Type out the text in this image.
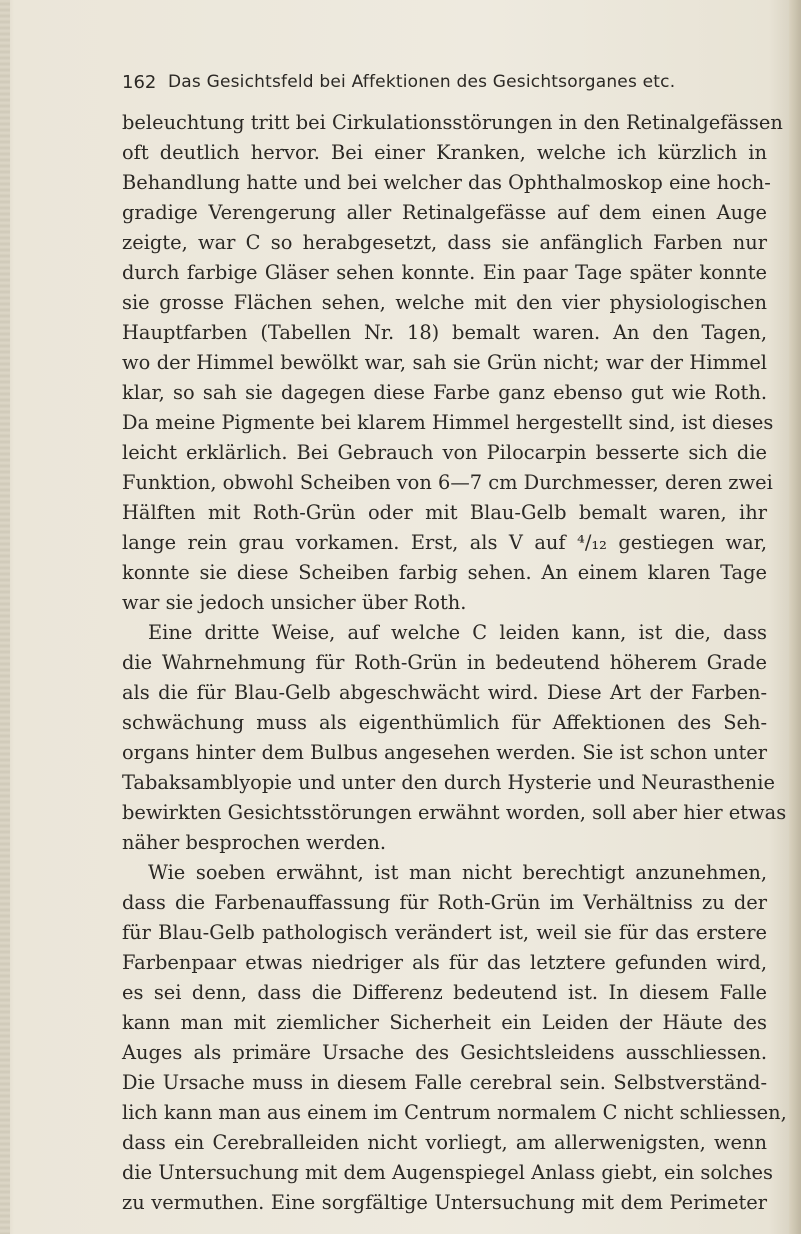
162 Das Gesichtsfeld bei Affektionen des Gesichtsorganes etc.
beleuchtung tritt bei Cirkulationsstörungen in den Retinalgefässen
oft deutlich hervor. Bei einer Kranken, welche ich kürzlich in
Behandlung hatte und bei welcher das Ophthalmoskop eine hoch-
gradige Verengerung aller Retinalgefässe auf dem einen Auge
zeigte, war C so herabgesetzt, dass sie anfänglich Farben nur
durch farbige Gläser sehen konnte. Ein paar Tage später konnte
sie grosse Flächen sehen, welche mit den vier physiologischen
Hauptfarben (Tabellen Nr. 18) bemalt waren. An den Tagen,
wo der Himmel bewölkt war, sah sie Grün nicht; war der Himmel
klar, so sah sie dagegen diese Farbe ganz ebenso gut wie Roth.
Da meine Pigmente bei klarem Himmel hergestellt sind, ist dieses
leicht erklärlich. Bei Gebrauch von Pilocarpin besserte sich die
Funktion, obwohl Scheiben von 6—7 cm Durchmesser, deren zwei
Hälften mit Roth-Grün oder mit Blau-Gelb bemalt waren, ihr
lange rein grau vorkamen. Erst, als V auf ⁴/₁₂ gestiegen war,
konnte sie diese Scheiben farbig sehen. An einem klaren Tage
war sie jedoch unsicher über Roth.
Eine dritte Weise, auf welche C leiden kann, ist die, dass
die Wahrnehmung für Roth-Grün in bedeutend höherem Grade
als die für Blau-Gelb abgeschwächt wird. Diese Art der Farben-
schwächung muss als eigenthümlich für Affektionen des Seh-
organs hinter dem Bulbus angesehen werden. Sie ist schon unter
Tabaksamblyopie und unter den durch Hysterie und Neurasthenie
bewirkten Gesichtsstörungen erwähnt worden, soll aber hier etwas
näher besprochen werden.
Wie soeben erwähnt, ist man nicht berechtigt anzunehmen,
dass die Farbenauffassung für Roth-Grün im Verhältniss zu der
für Blau-Gelb pathologisch verändert ist, weil sie für das erstere
Farbenpaar etwas niedriger als für das letztere gefunden wird,
es sei denn, dass die Differenz bedeutend ist. In diesem Falle
kann man mit ziemlicher Sicherheit ein Leiden der Häute des
Auges als primäre Ursache des Gesichtsleidens ausschliessen.
Die Ursache muss in diesem Falle cerebral sein. Selbstverständ-
lich kann man aus einem im Centrum normalem C nicht schliessen,
dass ein Cerebralleiden nicht vorliegt, am allerwenigsten, wenn
die Untersuchung mit dem Augenspiegel Anlass giebt, ein solches
zu vermuthen. Eine sorgfältige Untersuchung mit dem Perimeter
